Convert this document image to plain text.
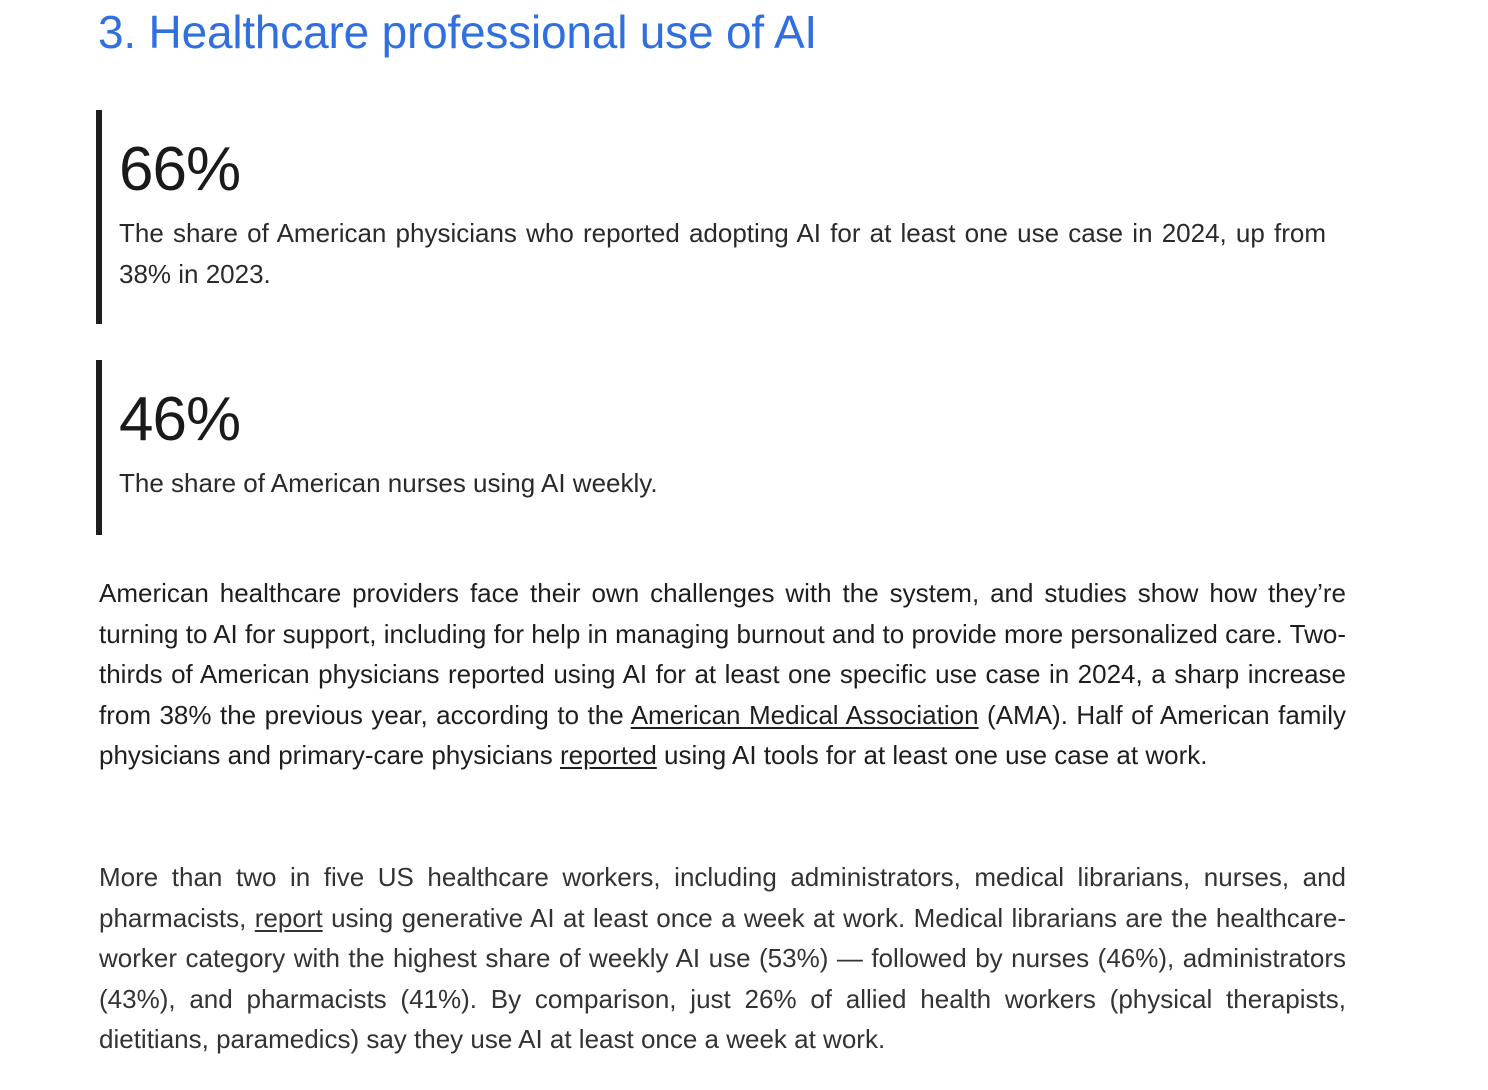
3. Healthcare professional use of AI

66%

The share of American physicians who reported adopting AI for at least one use case in 2024, up from 38% in 2023.

46%

The share of American nurses using AI weekly.

American healthcare providers face their own challenges with the system, and studies show how they’re turning to AI for support, including for help in managing burnout and to provide more personalized care. Two-thirds of American physicians reported using AI for at least one specific use case in 2024, a sharp increase from 38% the previous year, according to the American Medical Association (AMA). Half of American family physicians and primary-care physicians reported using AI tools for at least one use case at work.

More than two in five US healthcare workers, including administrators, medical librarians, nurses, and pharmacists, report using generative AI at least once a week at work. Medical librarians are the healthcare-worker category with the highest share of weekly AI use (53%) — followed by nurses (46%), administrators (43%), and pharmacists (41%). By comparison, just 26% of allied health workers (physical therapists, dietitians, paramedics) say they use AI at least once a week at work.
